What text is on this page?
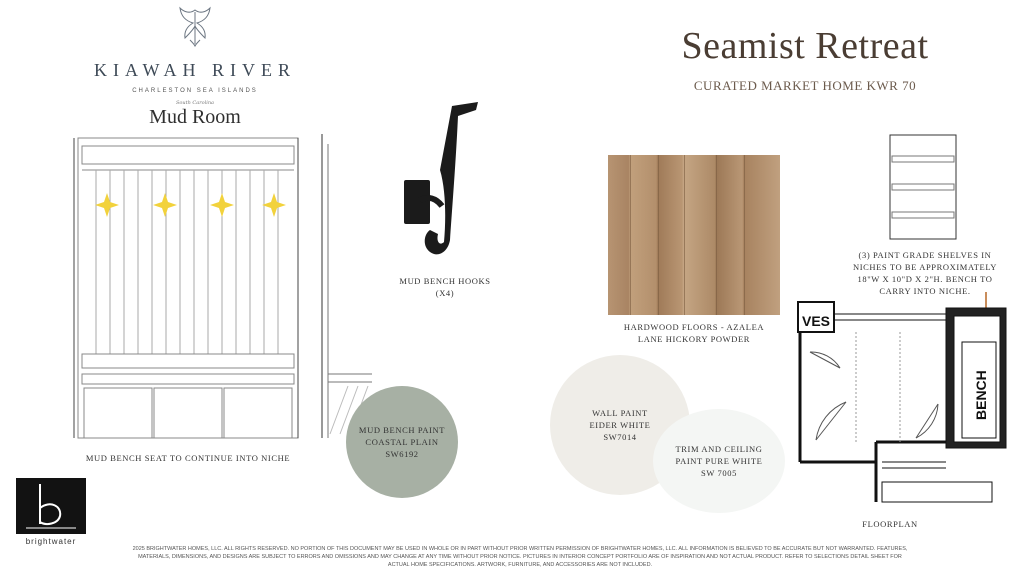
KIAWAH RIVER
CHARLESTON SEA ISLANDS
South Carolina
Mud Room
Seamist Retreat
CURATED MARKET HOME KWR 70
MUD BENCH HOOKS
(X4)
MUD BENCH SEAT TO CONTINUE INTO NICHE
MUD BENCH PAINT
COASTAL PLAIN
SW6192
HARDWOOD FLOORS - AZALEA
LANE HICKORY POWDER
WALL PAINT
EIDER WHITE
SW7014
TRIM AND CEILING
PAINT PURE WHITE
SW 7005
(3) PAINT GRADE SHELVES IN
NICHES TO BE APPROXIMATELY
18"W X 10"D X 2"H. BENCH TO
CARRY INTO NICHE.
VES
BENCH
FLOORPLAN
brightwater
2025 BRIGHTWATER HOMES, LLC. ALL RIGHTS RESERVED. NO PORTION OF THIS DOCUMENT MAY BE USED IN WHOLE OR IN PART WITHOUT PRIOR WRITTEN PERMISSION OF BRIGHTWATER HOMES, LLC. ALL INFORMATION IS BELIEVED TO BE ACCURATE BUT NOT WARRANTED. FEATURES,
MATERIALS, DIMENSIONS, AND DESIGNS ARE SUBJECT TO ERRORS AND OMISSIONS AND MAY CHANGE AT ANY TIME WITHOUT PRIOR NOTICE. PICTURES IN INTERIOR CONCEPT PORTFOLIO ARE OF INSPIRATION AND NOT ACTUAL PRODUCT. REFER TO SELECTIONS DETAIL SHEET FOR
ACTUAL HOME SPECIFICATIONS. ARTWORK, FURNITURE, AND ACCESSORIES ARE NOT INCLUDED.
